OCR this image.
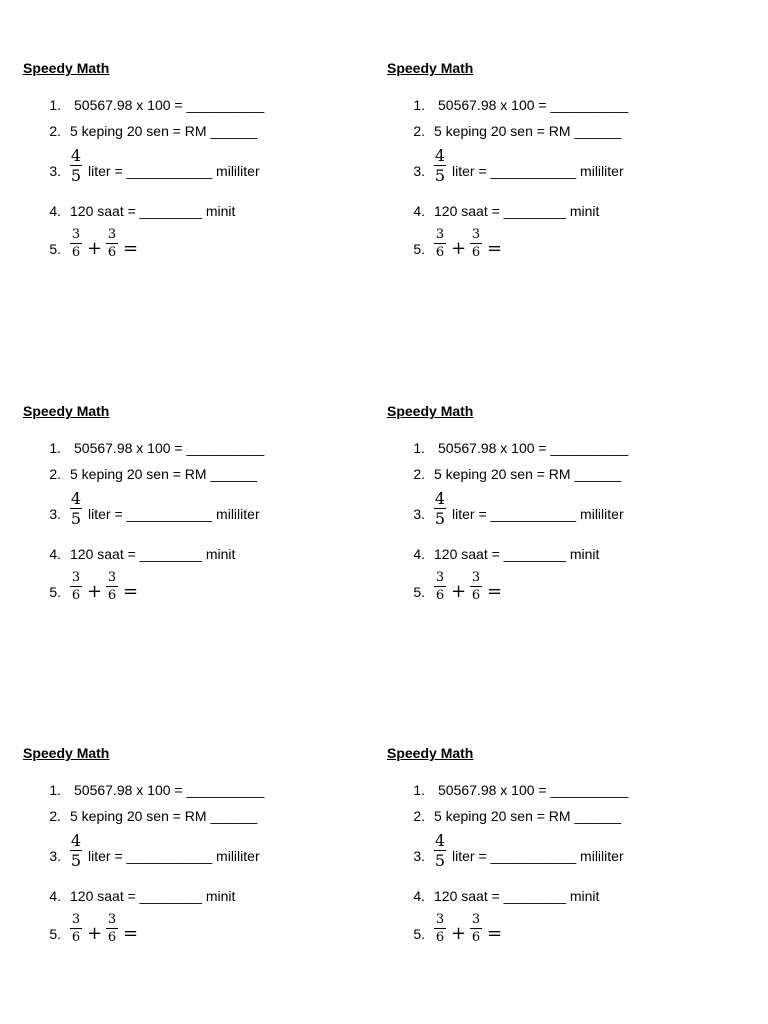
Speedy Math
1. 50567.98 x 100 = __________
2. 5 keping 20 sen = RM ______
3.
4
5 liter = ___________ mililiter
4. 120 saat = ________ minit
5.
3
6 +
3
6 =
Speedy Math
1. 50567.98 x 100 = __________
2. 5 keping 20 sen = RM ______
3.
4
5 liter = ___________ mililiter
4. 120 saat = ________ minit
5.
3
6 +
3
6 =
Speedy Math
1. 50567.98 x 100 = __________
2. 5 keping 20 sen = RM ______
3.
4
5 liter = ___________ mililiter
4. 120 saat = ________ minit
5.
3
6 +
3
6 =
Speedy Math
1. 50567.98 x 100 = __________
2. 5 keping 20 sen = RM ______
3.
4
5 liter = ___________ mililiter
4. 120 saat = ________ minit
5.
3
6 +
3
6 =
Speedy Math
1. 50567.98 x 100 = __________
2. 5 keping 20 sen = RM ______
3.
4
5 liter = ___________ mililiter
4. 120 saat = ________ minit
5.
3
6 +
3
6 =
Speedy Math
1. 50567.98 x 100 = __________
2. 5 keping 20 sen = RM ______
3.
4
5 liter = ___________ mililiter
4. 120 saat = ________ minit
5.
3
6 +
3
6 =
